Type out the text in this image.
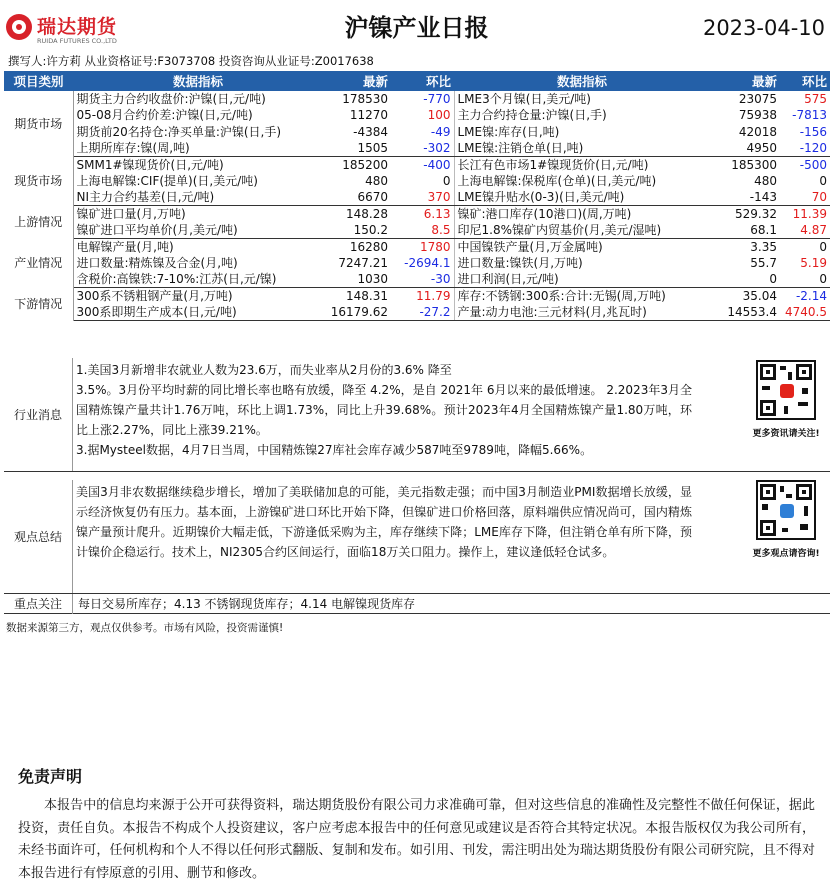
瑞达期货
RUIDA FUTURES CO.,LTD	沪镍产业日报	2023-04-10
撰写人:许方莉 从业资格证号:F3073708 投资咨询从业证号:Z0017638
项目类别	数据指标	最新	环比	数据指标	最新	环比
期货市场	期货主力合约收盘价:沪镍(日,元/吨)	178530	-770	LME3个月镍(日,美元/吨)	23075	575
	05-08月合约价差:沪镍(日,元/吨)	11270	100	主力合约持仓量:沪镍(日,手)	75938	-7813
	期货前20名持仓:净买单量:沪镍(日,手)	-4384	-49	LME镍:库存(日,吨)	42018	-156
	上期所库存:镍(周,吨)	1505	-302	LME镍:注销仓单(日,吨)	4950	-120
现货市场	SMM1#镍现货价(日,元/吨)	185200	-400	长江有色市场1#镍现货价(日,元/吨)	185300	-500
	上海电解镍:CIF(提单)(日,美元/吨)	480	0	上海电解镍:保税库(仓单)(日,美元/吨)	480	0
	NI主力合约基差(日,元/吨)	6670	370	LME镍升贴水(0-3)(日,美元/吨)	-143	70
上游情况	镍矿进口量(月,万吨)	148.28	6.13	镍矿:港口库存(10港口)(周,万吨)	529.32	11.39
	镍矿进口平均单价(月,美元/吨)	150.2	8.5	印尼1.8%镍矿内贸基价(月,美元/湿吨)	68.1	4.87
产业情况	电解镍产量(月,吨)	16280	1780	中国镍铁产量(月,万金属吨)	3.35	0
	进口数量:精炼镍及合金(月,吨)	7247.21	-2694.1	进口数量:镍铁(月,万吨)	55.7	5.19
	含税价:高镍铁:7-10%:江苏(日,元/镍)	1030	-30	进口利润(日,元/吨)	0	0
下游情况	300系不锈粗钢产量(月,万吨)	148.31	11.79	库存:不锈钢:300系:合计:无锡(周,万吨)	35.04	-2.14
	300系即期生产成本(日,元/吨)	16179.62	-27.2	产量:动力电池:三元材料(月,兆瓦时)	14553.4	4740.5
行业消息
1.美国3月新增非农就业人数为23.6万，而失业率从2月份的3.6% 降至
3.5%。3月份平均时薪的同比增长率也略有放缓，降至 4.2%，是自 2021年 6月以来的最低增速。 2.2023年3月全国精炼镍产量共计1.76万吨，环比上调1.73%，同比上升39.68%。预计2023年4月全国精炼镍产量1.80万吨，环比上涨2.27%，同比上涨39.21%。
3.据Mysteel数据，4月7日当周，中国精炼镍27库社会库存减少587吨至9789吨，降幅5.66%。
更多资讯请关注!
观点总结
美国3月非农数据继续稳步增长，增加了美联储加息的可能，美元指数走强；而中国3月制造业PMI数据增长放缓，显示经济恢复仍有压力。基本面，上游镍矿进口环比开始下降，但镍矿进口价格回落，原料端供应情况尚可，国内精炼镍产量预计爬升。近期镍价大幅走低，下游逢低采购为主，库存继续下降；LME库存下降，但注销仓单有所下降，预计镍价企稳运行。技术上，NI2305合约区间运行，面临18万关口阻力。操作上，建议逢低轻仓试多。	更多观点请咨询!
重点关注	每日交易所库存；4.13 不锈钢现货库存；4.14 电解镍现货库存
数据来源第三方，观点仅供参考。市场有风险，投资需谨慎!
免责声明
本报告中的信息均来源于公开可获得资料，瑞达期货股份有限公司力求准确可靠，但对这些信息的准确性及完整性不做任何保证，据此投资，责任自负。本报告不构成个人投资建议，客户应考虑本报告中的任何意见或建议是否符合其特定状况。本报告版权仅为我公司所有，未经书面许可，任何机构和个人不得以任何形式翻版、复制和发布。如引用、刊发，需注明出处为瑞达期货股份有限公司研究院，且不得对本报告进行有悖原意的引用、删节和修改。
